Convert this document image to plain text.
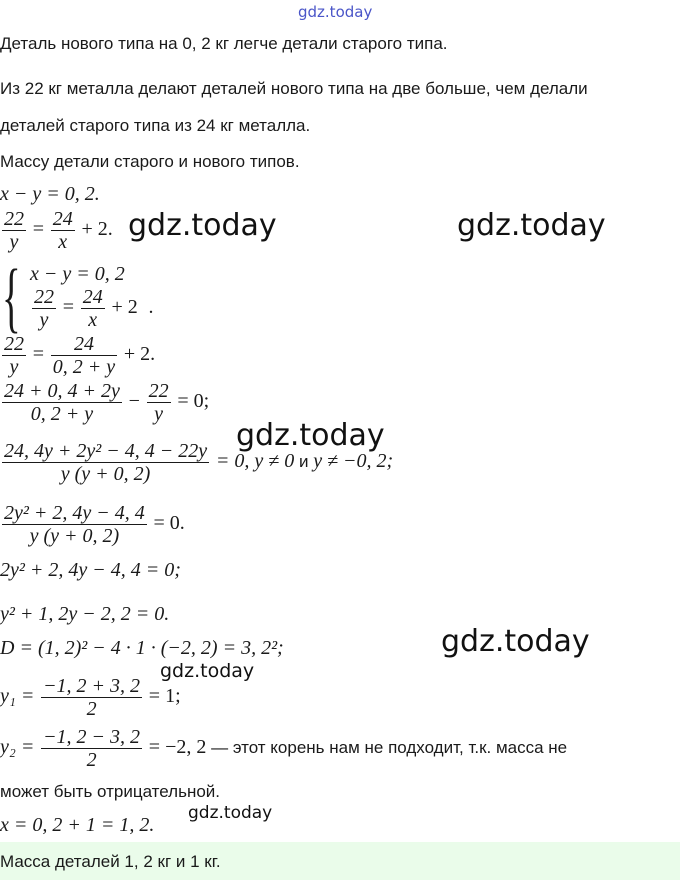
gdz.today
gdz.today	gdz.today
gdz.today
gdz.today
gdz.today
gdz.today
Деталь нового типа на 0, 2 кг легче детали старого типа.
Из 22 кг металла делают деталей нового типа на две больше, чем делали
деталей старого типа из 24 кг металла.
Массу детали старого и нового типов.
x − y = 0, 2.
$\frac{22}{y} = \frac{24}{x} + 2$.
{ x − y = 0, 2
$\frac{22}{y} = \frac{24}{x} + 2$ .
$\frac{22}{y} = \frac{24}{0, 2 + y} + 2$.
$\frac{24 + 0, 4 + 2y}{0, 2 + y} - \frac{22}{y} = 0$;
$\frac{\text{24, 4y + 2y² − 4, 4 − 22y}}{y (y + 0, 2)} = 0$, y ≠ 0 и y ≠ −0, 2;
$\frac{\text{2y² + 2, 4y − 4, 4}}{y (y + 0, 2)} = 0$.
2y² + 2, 4y − 4, 4 = 0;
y² + 1, 2y − 2, 2 = 0.
D = (1, 2)² − 4 · 1 · (−2, 2) = 3, 2²;
$y_1 = \frac{-1, 2 + 3, 2}{2} = 1$;
$y_2 = \frac{-1, 2 - 3, 2}{2} = -2$, 2 — этот корень нам не подходит, т.к. масса не
может быть отрицательной.
x = 0, 2 + 1 = 1, 2.
Масса деталей 1, 2 кг и 1 кг.
